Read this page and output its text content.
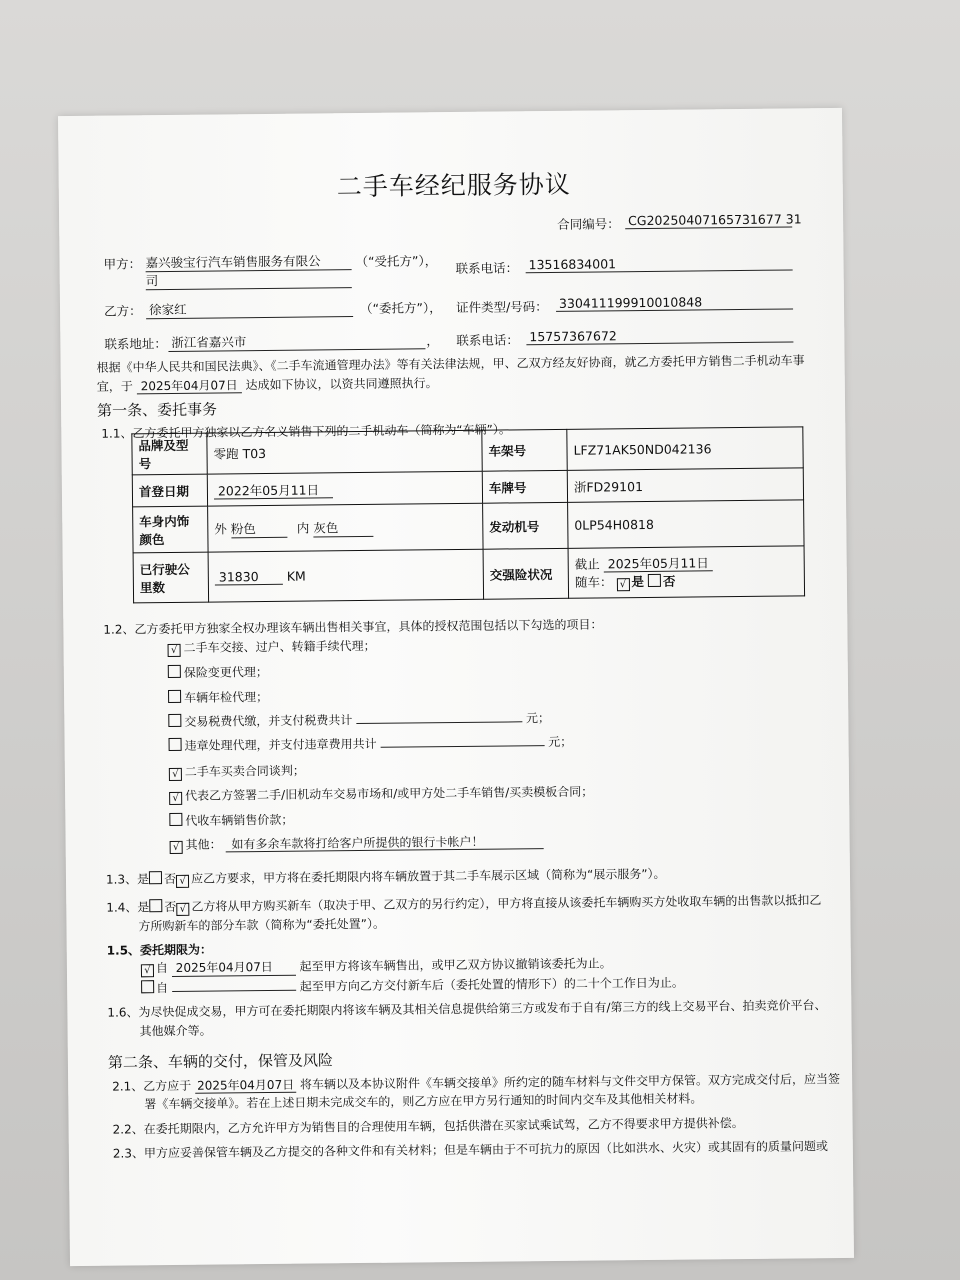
二手车经纪服务协议
合同编号： CG20250407165731677 31
甲方： 嘉兴骏宝行汽车销售服务有限公
司
（“受托方”）， 联系电话： 13516834001
乙方： 徐家红	（“委托方”）， 证件类型/号码： 330411199910010848
联系地址： 浙江省嘉兴市	， 联系电话： 15757367672
根据《中华人民共和国民法典》、《二手车流通管理办法》等有关法律法规，甲、乙双方经友好协商，就乙方委托甲方销售二手机动车事
宜，于 2025年04月07日 达成如下协议，以资共同遵照执行。
第一条、委托事务
1.1、乙方委托甲方独家以乙方名义销售下列的二手机动车（简称为“车辆”）。
品牌及型号	零跑 T03	车架号	LFZ71AK50ND042136
首登日期	2022年05月11日	车牌号	浙FD29101
车身内饰颜色	外 粉色 内 灰色	发动机号	0LP54H0818
已行驶公里数	31830 KM	交强险状况	截止 2025年05月11日
随车： √ 是 否
1.2、乙方委托甲方独家全权办理该车辆出售相关事宜，具体的授权范围包括以下勾选的项目：
√ 二手车交接、过户、转籍手续代理；
保险变更代理；
车辆年检代理；
交易税费代缴，并支付税费共计	元；
违章处理代理，并支付违章费用共计	元；
√ 二手车买卖合同谈判；
√ 代表乙方签署二手/旧机动车交易市场和/或甲方处二手车销售/买卖模板合同；
代收车辆销售价款；
√ 其他： 如有多余车款将打给客户所提供的银行卡帐户！
1.3、是 否 √ 应乙方要求，甲方将在委托期限内将车辆放置于其二手车展示区域（简称为“展示服务”）。
1.4、是 否 √ 乙方将从甲方购买新车（取决于甲、乙双方的另行约定），甲方将直接从该委托车辆购买方处收取车辆的出售款以抵扣乙
方所购新车的部分车款（简称为“委托处置”）。
1.5、委托期限为：
√ 自 2025年04月07日 起至甲方将该车辆售出，或甲乙双方协议撤销该委托为止。
自	起至甲方向乙方交付新车后（委托处置的情形下）的二十个工作日为止。
1.6、为尽快促成交易，甲方可在委托期限内将该车辆及其相关信息提供给第三方或发布于自有/第三方的线上交易平台、拍卖竞价平台、
其他媒介等。
第二条、车辆的交付，保管及风险
2.1、乙方应于 2025年04月07日 将车辆以及本协议附件《车辆交接单》所约定的随车材料与文件交甲方保管。双方完成交付后，应当签
署《车辆交接单》。若在上述日期未完成交车的，则乙方应在甲方另行通知的时间内交车及其他相关材料。
2.2、在委托期限内，乙方允许甲方为销售目的合理使用车辆，包括供潜在买家试乘试驾，乙方不得要求甲方提供补偿。
2.3、甲方应妥善保管车辆及乙方提交的各种文件和有关材料；但是车辆由于不可抗力的原因（比如洪水、火灾）或其固有的质量问题或
